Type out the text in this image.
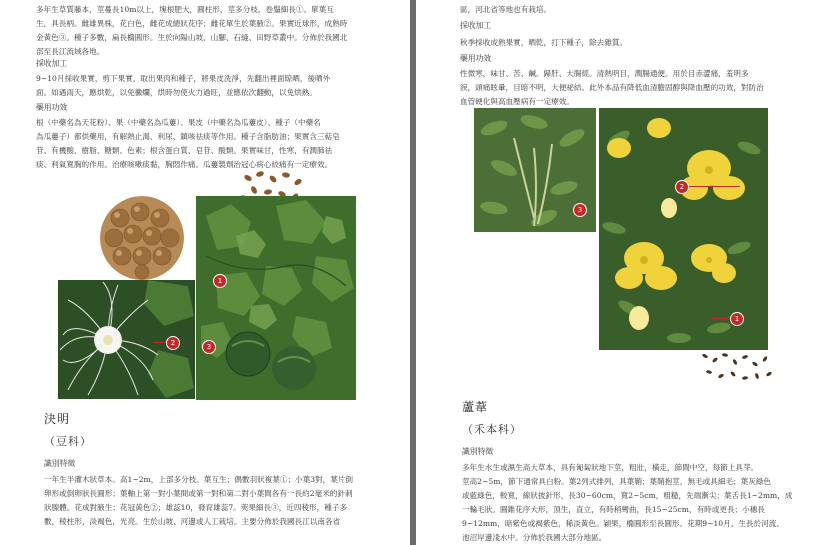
多年生草質藤本，莖蔓長10m以上，塊根肥大，圓柱形，莖多分枝，卷鬚細長①。單葉互
生，具長柄。雌雄異株，花白色，雌花成總狀花序；雌花單生於葉腋②。果實近球形，成熟時
金黃色③。種子多數，扁長橢圓形。生於向陽山坡、山腳、石縫、田野草叢中。分佈於我國北
部至長江流域各地。
採收加工
9~10月採收果實，剪下果實，取出果肉和種子，將果皮洗淨，先翻出裡面晾晒，後晒外
面。如遇雨天，應烘乾，以免黴爛，烘時勿使火力過旺，並應依次翻動，以免烘熟。
藥用功效
根（中藥名為天花粉）、果（中藥名為瓜蔞）、果皮（中藥名為瓜蔞皮）、種子（中藥名
為瓜蔞子）都供藥用，有解熱止渴、利尿、鎮咳祛痰等作用。種子含脂肪油；果實含三萜皂
苷、有機酸、樹脂、糖類、色素；根含蛋白質、皂苷、酸類。果實味甘，性寒，有潤肺祛
痰、利氣寬胸的作用。治療咳嗽痰黏，胸悶作痛。瓜蔞製劑治冠心病心絞痛有一定療效。
1
2	3
決明
（豆科）
識別特徵
一年生半灌木狀草本。高1~2m，上部多分枝。葉互生；偶數羽狀複葉①；小葉3對，葉片倒
卵形或倒卵狀長圓形；葉軸上第一對小葉間或第一對和第二對小葉間各有一長約2毫米的針刺
狀腺體。花成對腋生；花冠黃色②；雄蕊10，發育雄蕊7。莢果細長③，近四稜形，種子多
數，稜柱形，淡褐色，光亮。生於山坡、河邊或人工栽培。主要分佈於我國長江以南各省
區，河北省等地也有栽培。
採收加工
秋季採收成熟果實，晒乾，打下種子，除去雜質。
藥用功效
性微寒，味甘、苦、鹹。歸肝、大腸經。清熱明目，潤腸通便。用於目赤澀痛，羞明多
淚，頭痛眩暈，目暗不明，大便祕結。此外本品有降低血清膽固醇與降血壓的功效，對防治
血管硬化與高血壓病有一定療效。
3
2
1
蘆葦
（禾本科）
識別特徵
多年生水生或濕生高大草本，具有匍匐狀地下莖，粗壯，橫走，節間中空，每節上具芽。
莖高2~5m，節下通常具白粉。葉2列式排列，具葉鞘；葉鞘抱莖，無毛或具細毛；葉灰綠色
或藍綠色，較寬，線狀披針形，長30~60cm，寬2~5cm，粗糙，先端漸尖；葉舌長1~2mm，成
一輪毛狀。圓錐花序大形，頂生，直立，有時稍彎曲，長15~25cm，有時或更長；小穗長
9~12mm，暗紫色或褐紫色，稀淡黃色。穎果，橢圓形至長圓形。花期9~10月。生長於河流、
池沼岸邊淺水中。分佈於我國大部分地區。
